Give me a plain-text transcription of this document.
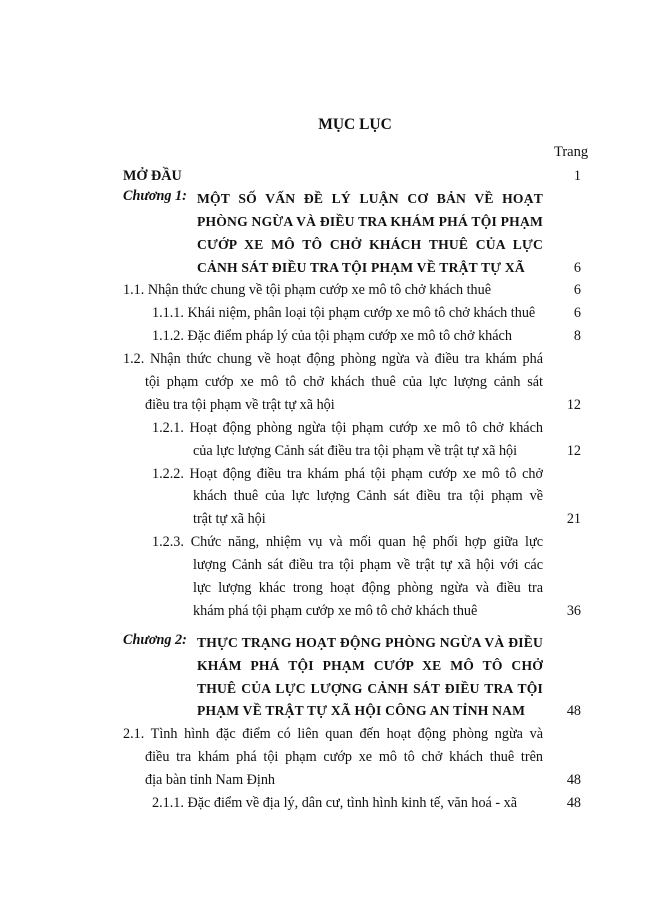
MỤC LỤC
Trang
MỞ ĐẦU	1
Chương 1: MỘT SỐ VẤN ĐỀ LÝ LUẬN CƠ BẢN VỀ HOẠT
PHÒNG NGỪA VÀ ĐIỀU TRA KHÁM PHÁ TỘI PHẠM
CƯỚP XE MÔ TÔ CHỞ KHÁCH THUÊ CỦA LỰC
CẢNH SÁT ĐIỀU TRA TỘI PHẠM VỀ TRẬT TỰ XÃ	6
1.1. Nhận thức chung về tội phạm cướp xe mô tô chở khách thuê	6
1.1.1. Khái niệm, phân loại tội phạm cướp xe mô tô chở khách thuê	6
1.1.2. Đặc điểm pháp lý của tội phạm cướp xe mô tô chở khách	8
1.2. Nhận thức chung về hoạt động phòng ngừa và điều tra khám phá
tội phạm cướp xe mô tô chở khách thuê của lực lượng cảnh sát
điều tra tội phạm về trật tự xã hội	12
1.2.1. Hoạt động phòng ngừa tội phạm cướp xe mô tô chở khách
của lực lượng Cảnh sát điều tra tội phạm về trật tự xã hội	12
1.2.2. Hoạt động điều tra khám phá tội phạm cướp xe mô tô chở
khách thuê của lực lượng Cảnh sát điều tra tội phạm về
trật tự xã hội	21
1.2.3. Chức năng, nhiệm vụ và mối quan hệ phối hợp giữa lực
lượng Cảnh sát điều tra tội phạm về trật tự xã hội với các
lực lượng khác trong hoạt động phòng ngừa và điều tra
khám phá tội phạm cướp xe mô tô chở khách thuê	36
Chương 2: THỰC TRẠNG HOẠT ĐỘNG PHÒNG NGỪA VÀ ĐIỀU
KHÁM PHÁ TỘI PHẠM CƯỚP XE MÔ TÔ CHỞ
THUÊ CỦA LỰC LƯỢNG CẢNH SÁT ĐIỀU TRA TỘI
PHẠM VỀ TRẬT TỰ XÃ HỘI CÔNG AN TỈNH NAM	48
2.1. Tình hình đặc điểm có liên quan đến hoạt động phòng ngừa và
điều tra khám phá tội phạm cướp xe mô tô chở khách thuê trên
địa bàn tỉnh Nam Định	48
2.1.1. Đặc điểm về địa lý, dân cư, tình hình kinh tế, văn hoá - xã	48
